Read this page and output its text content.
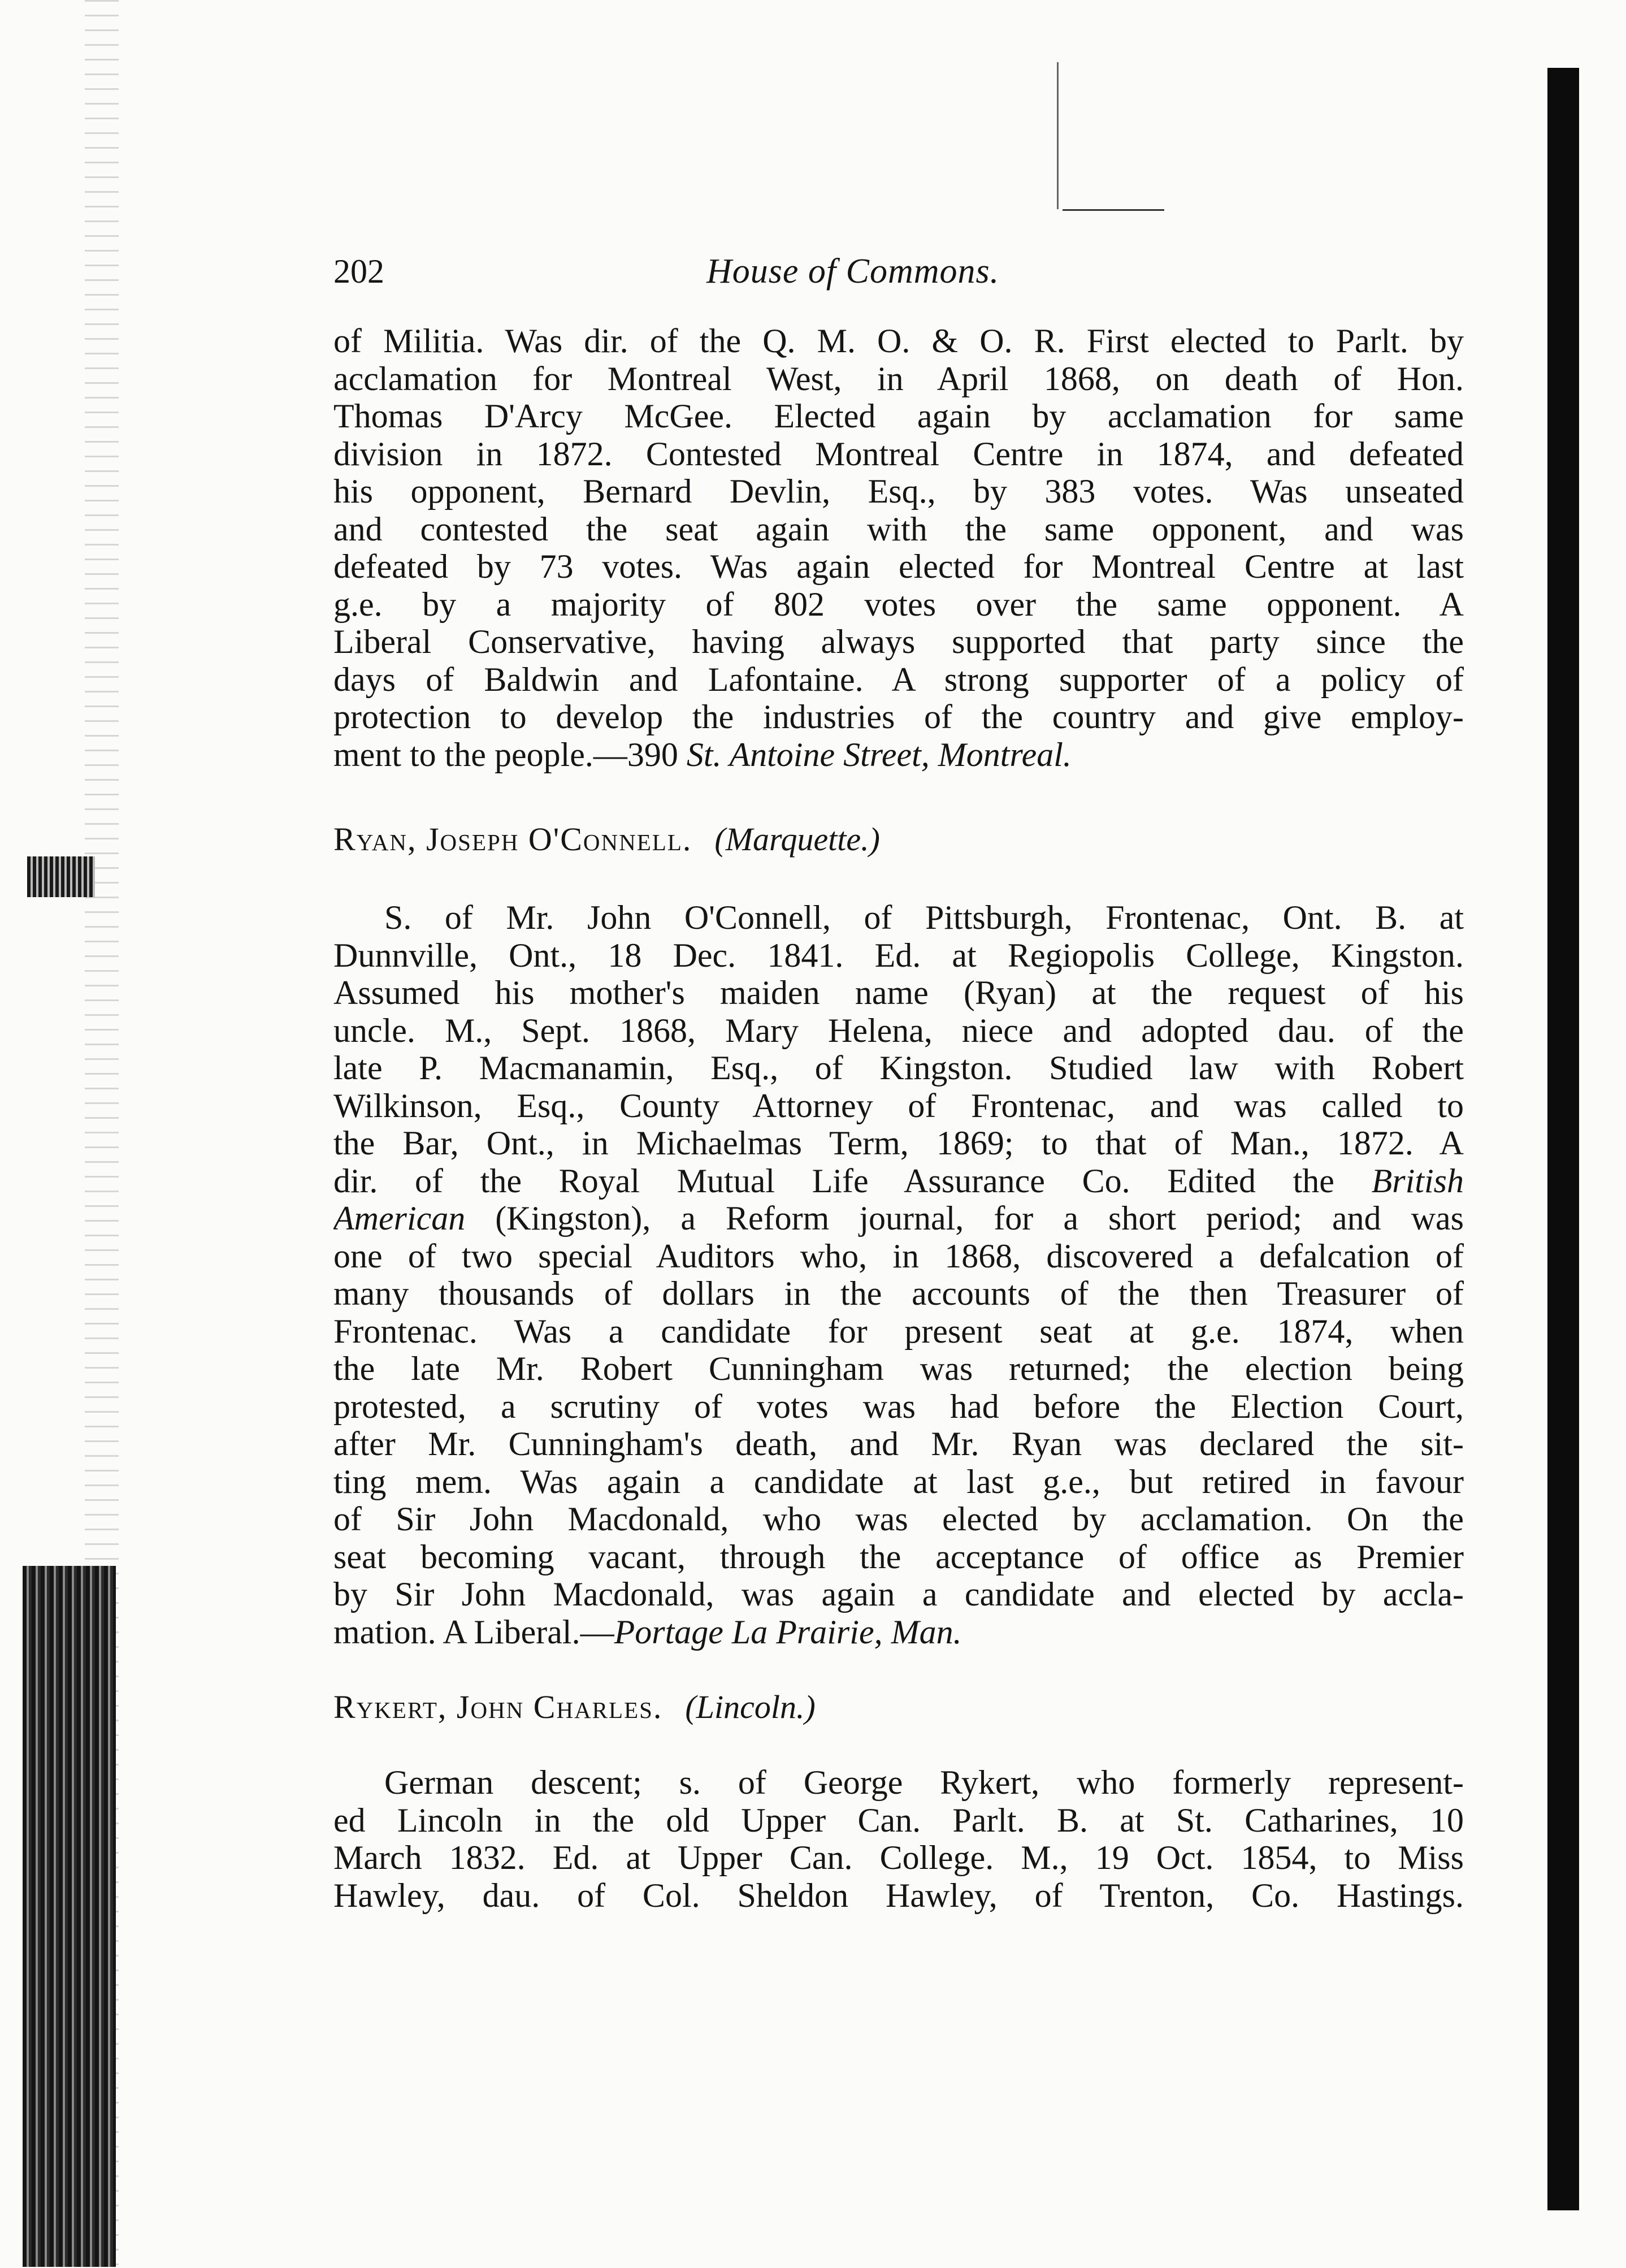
202	House of Commons.
of Militia. Was dir. of the Q. M. O. & O. R. First elected to Parlt. by
acclamation for Montreal West, in April 1868, on death of Hon.
Thomas D'Arcy McGee. Elected again by acclamation for same
division in 1872. Contested Montreal Centre in 1874, and defeated
his opponent, Bernard Devlin, Esq., by 383 votes. Was unseated
and contested the seat again with the same opponent, and was
defeated by 73 votes. Was again elected for Montreal Centre at last
g.e. by a majority of 802 votes over the same opponent. A
Liberal Conservative, having always supported that party since the
days of Baldwin and Lafontaine. A strong supporter of a policy of
protection to develop the industries of the country and give employ-
ment to the people.—390 St. Antoine Street, Montreal.
Ryan, Joseph O'Connell. (Marquette.)
S. of Mr. John O'Connell, of Pittsburgh, Frontenac, Ont. B. at
Dunnville, Ont., 18 Dec. 1841. Ed. at Regiopolis College, Kingston.
Assumed his mother's maiden name (Ryan) at the request of his
uncle. M., Sept. 1868, Mary Helena, niece and adopted dau. of the
late P. Macmanamin, Esq., of Kingston. Studied law with Robert
Wilkinson, Esq., County Attorney of Frontenac, and was called to
the Bar, Ont., in Michaelmas Term, 1869; to that of Man., 1872. A
dir. of the Royal Mutual Life Assurance Co. Edited the British
American (Kingston), a Reform journal, for a short period; and was
one of two special Auditors who, in 1868, discovered a defalcation of
many thousands of dollars in the accounts of the then Treasurer of
Frontenac. Was a candidate for present seat at g.e. 1874, when
the late Mr. Robert Cunningham was returned; the election being
protested, a scrutiny of votes was had before the Election Court,
after Mr. Cunningham's death, and Mr. Ryan was declared the sit-
ting mem. Was again a candidate at last g.e., but retired in favour
of Sir John Macdonald, who was elected by acclamation. On the
seat becoming vacant, through the acceptance of office as Premier
by Sir John Macdonald, was again a candidate and elected by accla-
mation. A Liberal.—Portage La Prairie, Man.
Rykert, John Charles. (Lincoln.)
German descent; s. of George Rykert, who formerly represent-
ed Lincoln in the old Upper Can. Parlt. B. at St. Catharines, 10
March 1832. Ed. at Upper Can. College. M., 19 Oct. 1854, to Miss
Hawley, dau. of Col. Sheldon Hawley, of Trenton, Co. Hastings.
